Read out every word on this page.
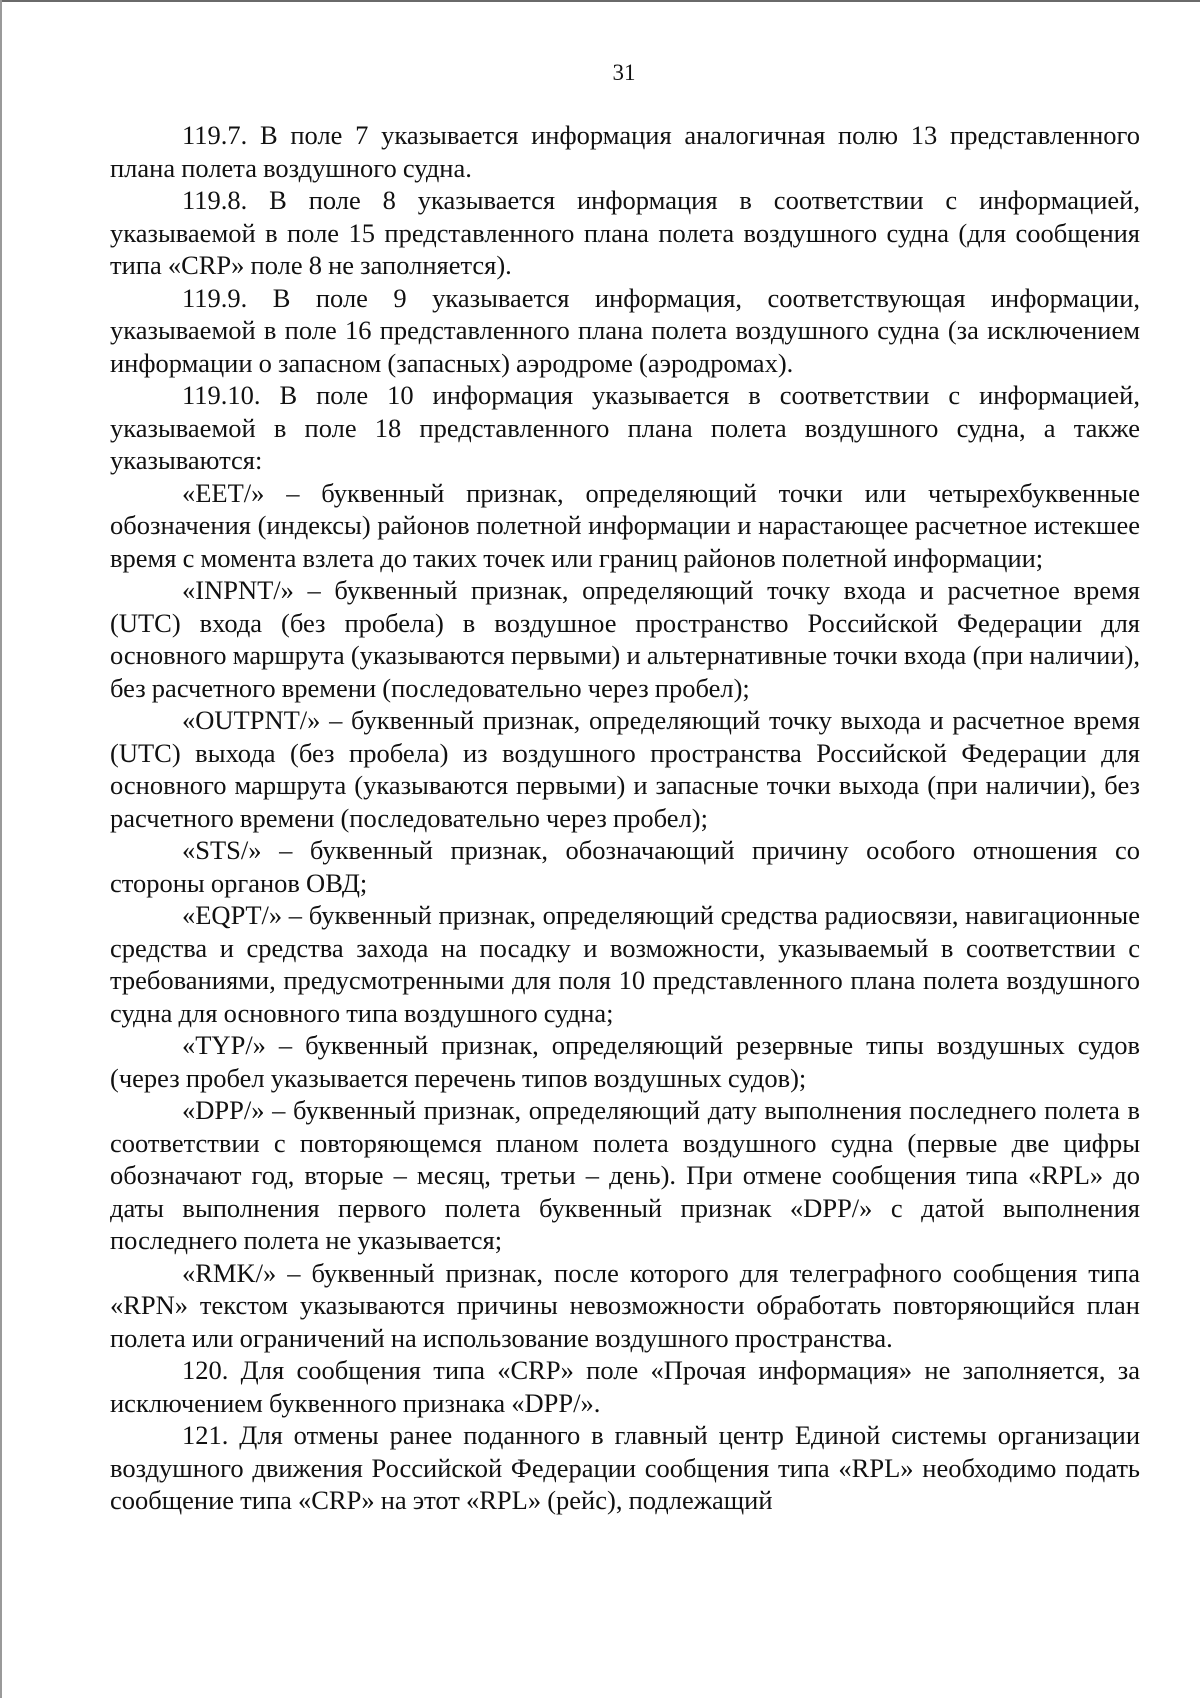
31

119.7. В поле 7 указывается информация аналогичная полю 13 представленного плана полета воздушного судна.

119.8. В поле 8 указывается информация в соответствии с информацией, указываемой в поле 15 представленного плана полета воздушного судна (для сообщения типа «CRP» поле 8 не заполняется).

119.9. В поле 9 указывается информация, соответствующая информации, указываемой в поле 16 представленного плана полета воздушного судна (за исключением информации о запасном (запасных) аэродроме (аэродромах).

119.10. В поле 10 информация указывается в соответствии с информацией, указываемой в поле 18 представленного плана полета воздушного судна, а также указываются:

«EET/» – буквенный признак, определяющий точки или четырехбуквенные обозначения (индексы) районов полетной информации и нарастающее расчетное истекшее время с момента взлета до таких точек или границ районов полетной информации;

«INPNT/» – буквенный признак, определяющий точку входа и расчетное время (UTC) входа (без пробела) в воздушное пространство Российской Федерации для основного маршрута (указываются первыми) и альтернативные точки входа (при наличии), без расчетного времени (последовательно через пробел);

«OUTPNT/» – буквенный признак, определяющий точку выхода и расчетное время (UTC) выхода (без пробела) из воздушного пространства Российской Федерации для основного маршрута (указываются первыми) и запасные точки выхода (при наличии), без расчетного времени (последовательно через пробел);

«STS/» – буквенный признак, обозначающий причину особого отношения со стороны органов ОВД;

«EQPT/» – буквенный признак, определяющий средства радиосвязи, навигационные средства и средства захода на посадку и возможности, указываемый в соответствии с требованиями, предусмотренными для поля 10 представленного плана полета воздушного судна для основного типа воздушного судна;

«TYP/» – буквенный признак, определяющий резервные типы воздушных судов (через пробел указывается перечень типов воздушных судов);

«DPP/» – буквенный признак, определяющий дату выполнения последнего полета в соответствии с повторяющемся планом полета воздушного судна (первые две цифры обозначают год, вторые – месяц, третьи – день). При отмене сообщения типа «RPL» до даты выполнения первого полета буквенный признак «DPP/» с датой выполнения последнего полета не указывается;

«RMK/» – буквенный признак, после которого для телеграфного сообщения типа «RPN» текстом указываются причины невозможности обработать повторяющийся план полета или ограничений на использование воздушного пространства.

120. Для сообщения типа «CRP» поле «Прочая информация» не заполняется, за исключением буквенного признака «DPP/».

121. Для отмены ранее поданного в главный центр Единой системы организации воздушного движения Российской Федерации сообщения типа «RPL» необходимо подать сообщение типа «CRP» на этот «RPL» (рейс), подлежащий
